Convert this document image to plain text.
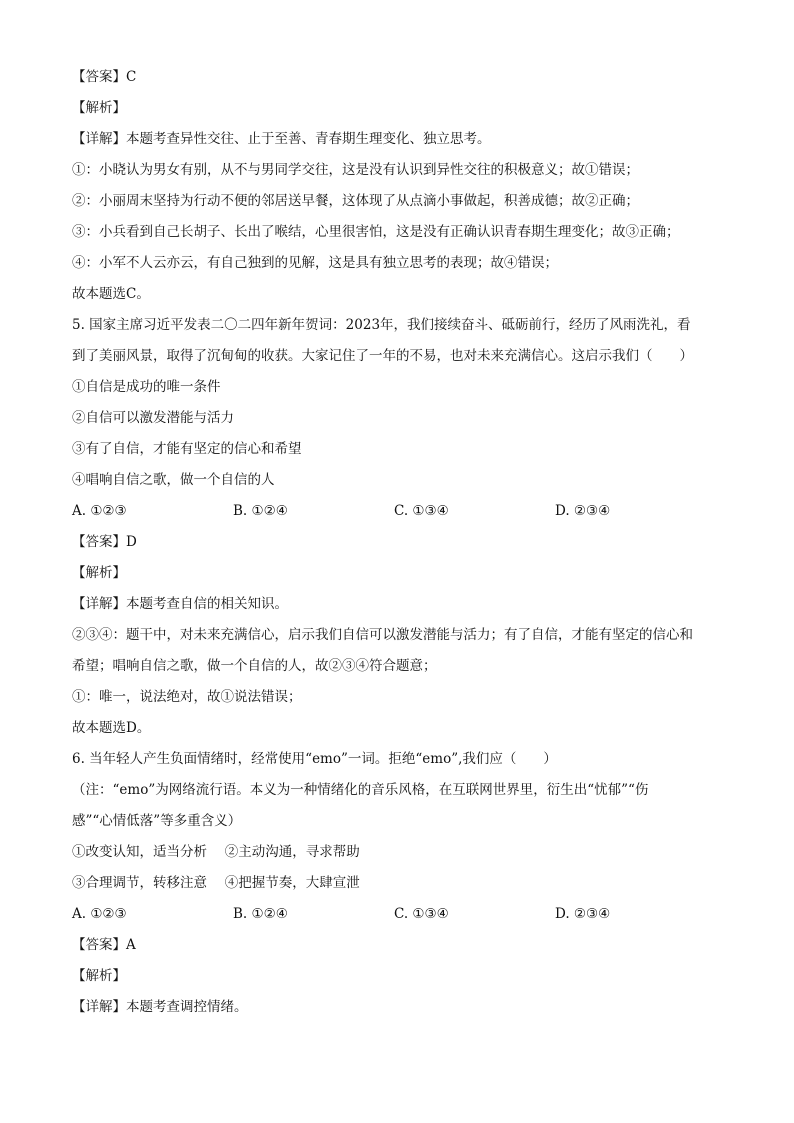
【答案】C
【解析】
【详解】本题考查异性交往、止于至善、青春期生理变化、独立思考。
①：小晓认为男女有别，从不与男同学交往，这是没有认识到异性交往的积极意义；故①错误；
②：小丽周末坚持为行动不便的邻居送早餐，这体现了从点滴小事做起，积善成德；故②正确；
③：小兵看到自己长胡子、长出了喉结，心里很害怕，这是没有正确认识青春期生理变化；故③正确；
④：小军不人云亦云，有自己独到的见解，这是具有独立思考的表现；故④错误；
故本题选C。
5. 国家主席习近平发表二〇二四年新年贺词：2023年，我们接续奋斗、砥砺前行，经历了风雨洗礼，看
到了美丽风景，取得了沉甸甸的收获。大家记住了一年的不易，也对未来充满信心。这启示我们（　　）
①自信是成功的唯一条件
②自信可以激发潜能与活力
③有了自信，才能有坚定的信心和希望
④唱响自信之歌，做一个自信的人
A. ①②③	B. ①②④	C. ①③④	D. ②③④
【答案】D
【解析】
【详解】本题考查自信的相关知识。
②③④：题干中，对未来充满信心，启示我们自信可以激发潜能与活力；有了自信，才能有坚定的信心和
希望；唱响自信之歌，做一个自信的人，故②③④符合题意；
①：唯一，说法绝对，故①说法错误；
故本题选D。
6. 当年轻人产生负面情绪时，经常使用“emo”一词。拒绝“emo”,我们应（　　）
（注：“emo”为网络流行语。本义为一种情绪化的音乐风格，在互联网世界里，衍生出“忧郁”“伤
感”“心情低落”等多重含义）
①改变认知，适当分析　 ②主动沟通，寻求帮助
③合理调节，转移注意　 ④把握节奏，大肆宣泄
A. ①②③	B. ①②④	C. ①③④	D. ②③④
【答案】A
【解析】
【详解】本题考查调控情绪。
